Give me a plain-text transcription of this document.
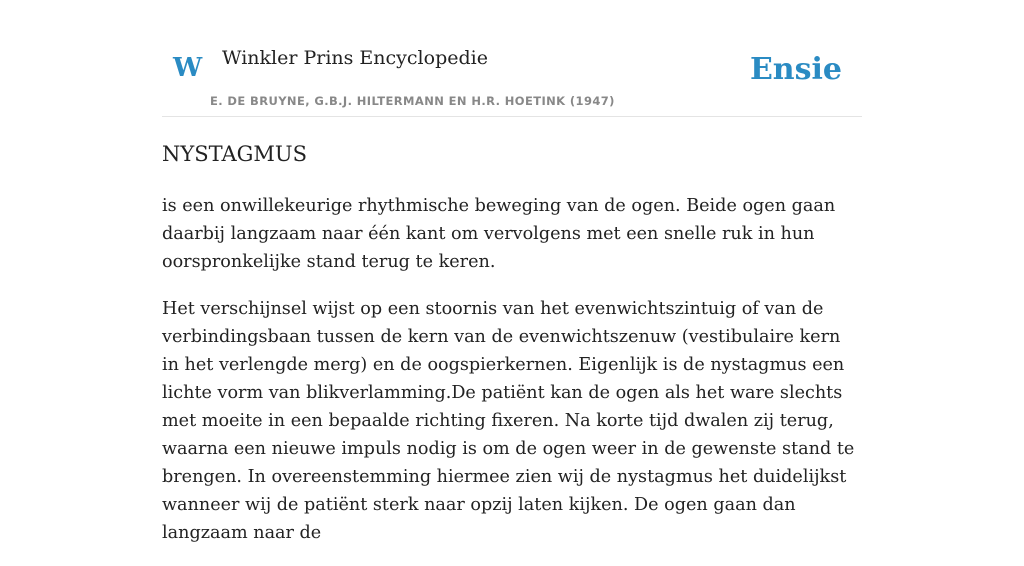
W Winkler Prins Encyclopedie
E. DE BRUYNE, G.B.J. HILTERMANN EN H.R. HOETINK (1947)
Ensie
NYSTAGMUS

is een onwillekeurige rhythmische beweging van de ogen. Beide ogen gaan daarbij langzaam naar één kant om vervolgens met een snelle ruk in hun oorspronkelijke stand terug te keren.

Het verschijnsel wijst op een stoornis van het evenwichtszintuig of van de verbindingsbaan tussen de kern van de evenwichtszenuw (vestibulaire kern in het verlengde merg) en de oogspierkernen. Eigenlijk is de nystagmus een lichte vorm van blikverlamming.De patiënt kan de ogen als het ware slechts met moeite in een bepaalde richting fixeren. Na korte tijd dwalen zij terug, waarna een nieuwe impuls nodig is om de ogen weer in de gewenste stand te brengen. In overeenstemming hiermee zien wij de nystagmus het duidelijkst wanneer wij de patiënt sterk naar opzij laten kijken. De ogen gaan dan langzaam naar de
